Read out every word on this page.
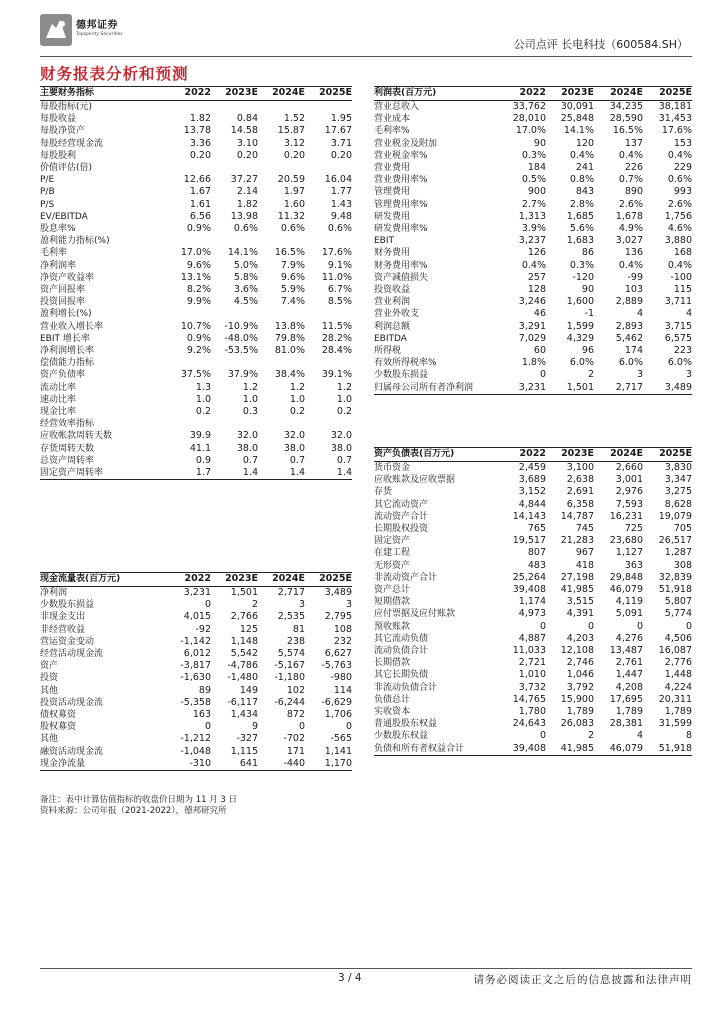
德邦证券
Topsperity Securities
公司点评 长电科技（600584.SH）
财务报表分析和预测
主要财务指标	2022	2023E	2024E	2025E
每股指标(元)				
每股收益	1.82	0.84	1.52	1.95
每股净资产	13.78	14.58	15.87	17.67
每股经营现金流	3.36	3.10	3.12	3.71
每股股利	0.20	0.20	0.20	0.20
价值评估(倍)				
P/E	12.66	37.27	20.59	16.04
P/B	1.67	2.14	1.97	1.77
P/S	1.61	1.82	1.60	1.43
EV/EBITDA	6.56	13.98	11.32	9.48
股息率%	0.9%	0.6%	0.6%	0.6%
盈利能力指标(%)				
毛利率	17.0%	14.1%	16.5%	17.6%
净利润率	9.6%	5.0%	7.9%	9.1%
净资产收益率	13.1%	5.8%	9.6%	11.0%
资产回报率	8.2%	3.6%	5.9%	6.7%
投资回报率	9.9%	4.5%	7.4%	8.5%
盈利增长(%)				
营业收入增长率	10.7%	-10.9%	13.8%	11.5%
EBIT 增长率	0.9%	-48.0%	79.8%	28.2%
净利润增长率	9.2%	-53.5%	81.0%	28.4%
偿债能力指标				
资产负债率	37.5%	37.9%	38.4%	39.1%
流动比率	1.3	1.2	1.2	1.2
速动比率	1.0	1.0	1.0	1.0
现金比率	0.2	0.3	0.2	0.2
经营效率指标				
应收帐款周转天数	39.9	32.0	32.0	32.0
存货周转天数	41.1	38.0	38.0	38.0
总资产周转率	0.9	0.7	0.7	0.7
固定资产周转率	1.7	1.4	1.4	1.4
现金流量表(百万元)	2022	2023E	2024E	2025E
净利润	3,231	1,501	2,717	3,489
少数股东损益	0	2	3	3
非现金支出	4,015	2,766	2,535	2,795
非经营收益	-92	125	81	108
营运资金变动	-1,142	1,148	238	232
经营活动现金流	6,012	5,542	5,574	6,627
资产	-3,817	-4,786	-5,167	-5,763
投资	-1,630	-1,480	-1,180	-980
其他	89	149	102	114
投资活动现金流	-5,358	-6,117	-6,244	-6,629
债权募资	163	1,434	872	1,706
股权募资	0	9	0	0
其他	-1,212	-327	-702	-565
融资活动现金流	-1,048	1,115	171	1,141
现金净流量	-310	641	-440	1,170
利润表(百万元)	2022	2023E	2024E	2025E
营业总收入	33,762	30,091	34,235	38,181
营业成本	28,010	25,848	28,590	31,453
毛利率%	17.0%	14.1%	16.5%	17.6%
营业税金及附加	90	120	137	153
营业税金率%	0.3%	0.4%	0.4%	0.4%
营业费用	184	241	226	229
营业费用率%	0.5%	0.8%	0.7%	0.6%
管理费用	900	843	890	993
管理费用率%	2.7%	2.8%	2.6%	2.6%
研发费用	1,313	1,685	1,678	1,756
研发费用率%	3.9%	5.6%	4.9%	4.6%
EBIT	3,237	1,683	3,027	3,880
财务费用	126	86	136	168
财务费用率%	0.4%	0.3%	0.4%	0.4%
资产减值损失	257	-120	-99	-100
投资收益	128	90	103	115
营业利润	3,246	1,600	2,889	3,711
营业外收支	46	-1	4	4
利润总额	3,291	1,599	2,893	3,715
EBITDA	7,029	4,329	5,462	6,575
所得税	60	96	174	223
有效所得税率%	1.8%	6.0%	6.0%	6.0%
少数股东损益	0	2	3	3
归属母公司所有者净利润	3,231	1,501	2,717	3,489
资产负债表(百万元)	2022	2023E	2024E	2025E
货币资金	2,459	3,100	2,660	3,830
应收账款及应收票据	3,689	2,638	3,001	3,347
存货	3,152	2,691	2,976	3,275
其它流动资产	4,844	6,358	7,593	8,628
流动资产合计	14,143	14,787	16,231	19,079
长期股权投资	765	745	725	705
固定资产	19,517	21,283	23,680	26,517
在建工程	807	967	1,127	1,287
无形资产	483	418	363	308
非流动资产合计	25,264	27,198	29,848	32,839
资产总计	39,408	41,985	46,079	51,918
短期借款	1,174	3,515	4,119	5,807
应付票据及应付账款	4,973	4,391	5,091	5,774
预收账款	0	0	0	0
其它流动负债	4,887	4,203	4,276	4,506
流动负债合计	11,033	12,108	13,487	16,087
长期借款	2,721	2,746	2,761	2,776
其它长期负债	1,010	1,046	1,447	1,448
非流动负债合计	3,732	3,792	4,208	4,224
负债总计	14,765	15,900	17,695	20,311
实收资本	1,780	1,789	1,789	1,789
普通股股东权益	24,643	26,083	28,381	31,599
少数股东权益	0	2	4	8
负债和所有者权益合计	39,408	41,985	46,079	51,918
备注：表中计算估值指标的收盘价日期为 11 月 3 日
资料来源：公司年报（2021-2022），德邦研究所
3 / 4	请务必阅读正文之后的信息披露和法律声明
